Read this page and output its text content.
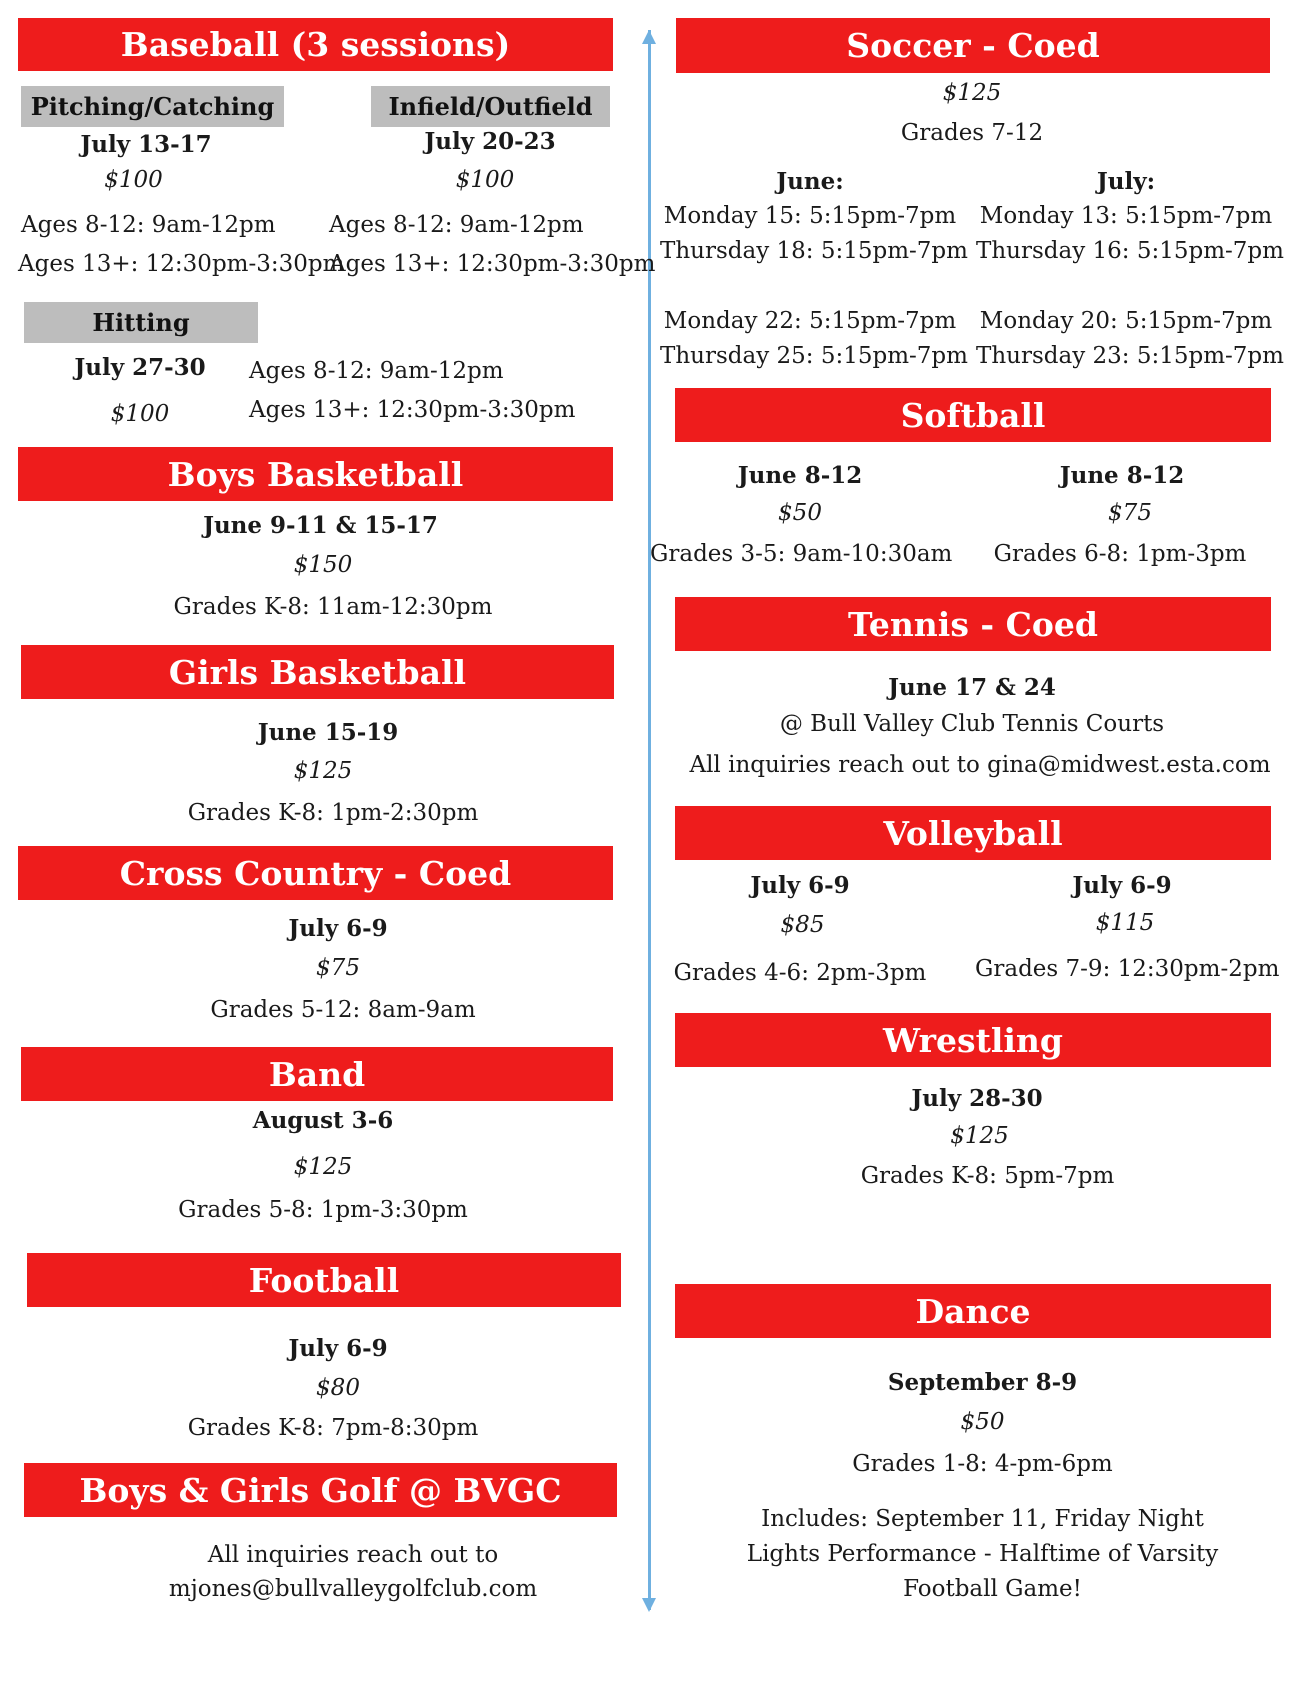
Baseball (3 sessions)
Pitching/Catching
July 13-17
$100
Ages 8-12: 9am-12pm
Ages 13+: 12:30pm-3:30pm
Infield/Outfield
July 20-23
$100
Ages 8-12: 9am-12pm
Ages 13+: 12:30pm-3:30pm
Hitting
July 27-30
$100
Ages 8-12: 9am-12pm
Ages 13+: 12:30pm-3:30pm
Boys Basketball
June 9-11 & 15-17
$150
Grades K-8: 11am-12:30pm
Girls Basketball
June 15-19
$125
Grades K-8: 1pm-2:30pm
Cross Country - Coed
July 6-9
$75
Grades 5-12: 8am-9am
Band
August 3-6
$125
Grades 5-8: 1pm-3:30pm
Football
July 6-9
$80
Grades K-8: 7pm-8:30pm
Boys & Girls Golf @ BVGC
All inquiries reach out to
mjones@bullvalleygolfclub.com
Soccer - Coed
$125
Grades 7-12
June:
Monday 15: 5:15pm-7pm
Thursday 18: 5:15pm-7pm
Monday 22: 5:15pm-7pm
Thursday 25: 5:15pm-7pm
July:
Monday 13: 5:15pm-7pm
Thursday 16: 5:15pm-7pm
Monday 20: 5:15pm-7pm
Thursday 23: 5:15pm-7pm
Softball
June 8-12
$50
Grades 3-5: 9am-10:30am
June 8-12
$75
Grades 6-8: 1pm-3pm
Tennis - Coed
June 17 & 24
@ Bull Valley Club Tennis Courts
All inquiries reach out to gina@midwest.esta.com
Volleyball
July 6-9
$85
Grades 4-6: 2pm-3pm
July 6-9
$115
Grades 7-9: 12:30pm-2pm
Wrestling
July 28-30
$125
Grades K-8: 5pm-7pm
Dance
September 8-9
$50
Grades 1-8: 4-pm-6pm
Includes: September 11, Friday Night
Lights Performance - Halftime of Varsity
Football Game!
